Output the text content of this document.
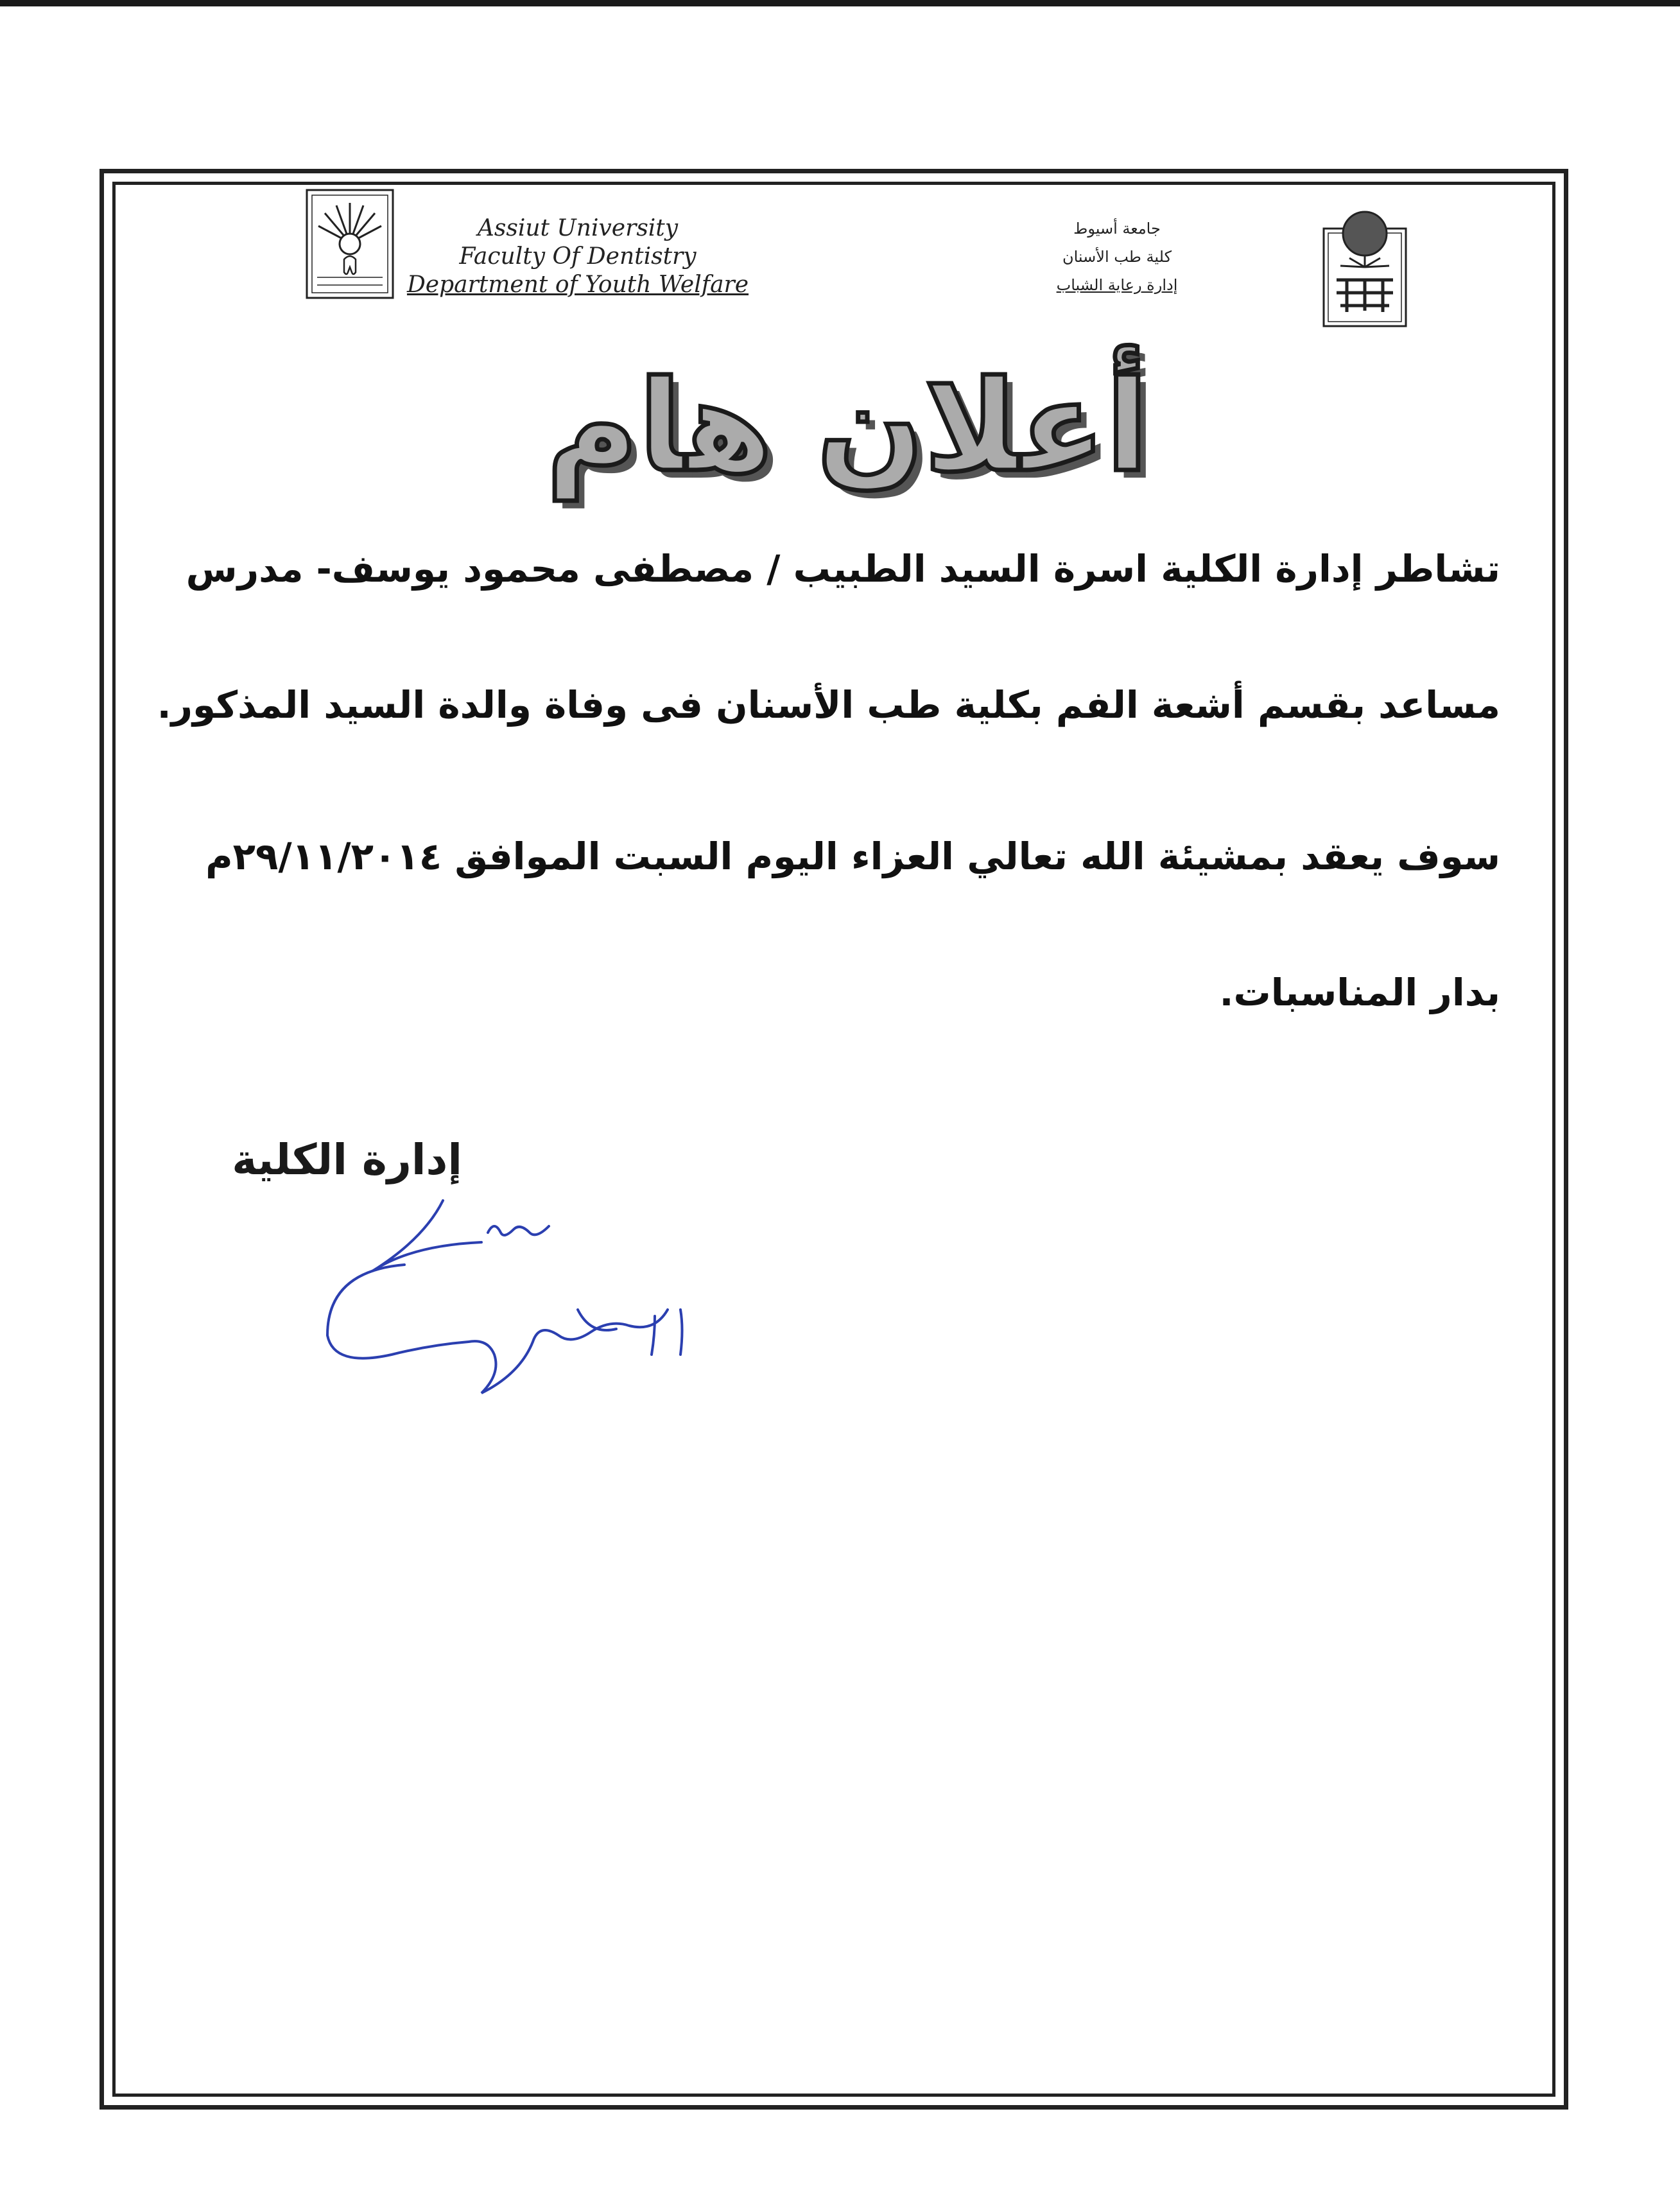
Assiut University
Faculty Of Dentistry
Department of Youth Welfare
جامعة أسيوط
كلية طب الأسنان
إدارة رعاية الشباب
أعلان هام
تشاطر إدارة الكلية اسرة السيد الطبيب / مصطفى محمود يوسف- مدرس
مساعد بقسم أشعة الفم بكلية طب الأسنان فى وفاة والدة السيد المذكور.
سوف يعقد بمشيئة الله تعالي العزاء اليوم السبت الموافق ٢٩/١١/٢٠١٤م
بدار المناسبات.
إدارة الكلية
